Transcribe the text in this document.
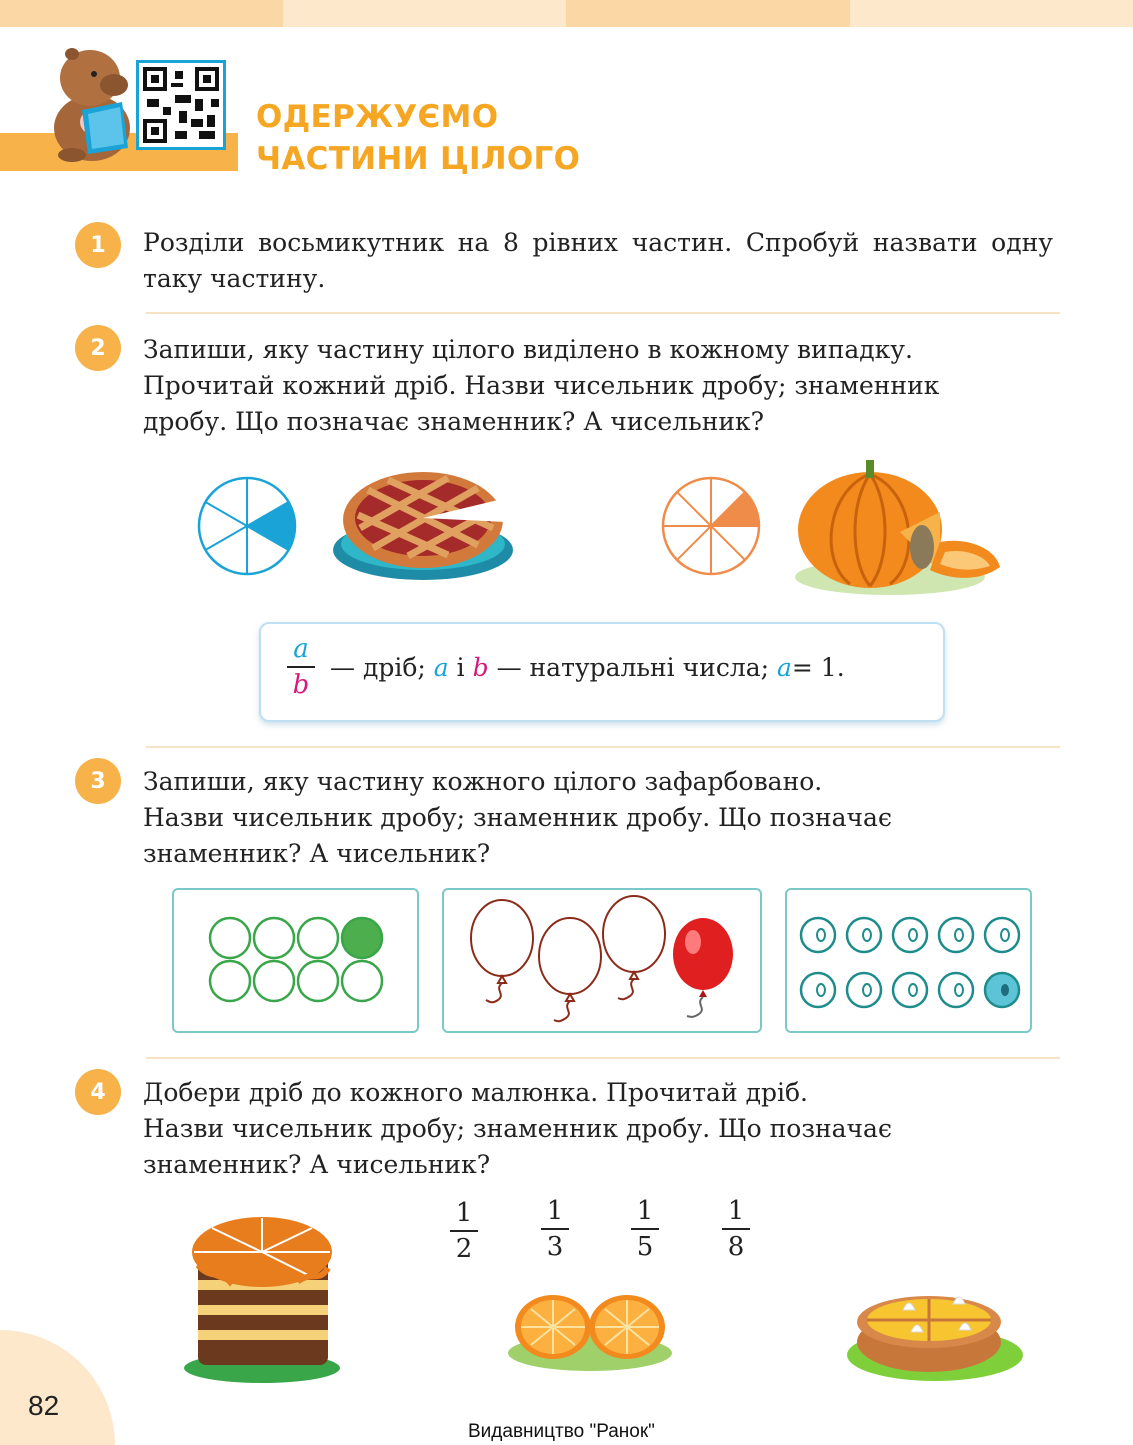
ОДЕРЖУЄМО
ЧАСТИНИ ЦІЛОГО
1	Розділи восьмикутник на 8 рівних частин. Спробуй назвати одну таку частину.
2	Запиши, яку частину цілого виділено в кожному випадку.
Прочитай кожний дріб. Назви чисельник дробу; знаменник
дробу. Що позначає знаменник? А чисельник?
a
b
— дріб; a і b — натуральні числа; a= 1.
3	Запиши, яку частину кожного цілого зафарбовано.
Назви чисельник дробу; знаменник дробу. Що позначає
знаменник? А чисельник?
4	Добери дріб до кожного малюнка. Прочитай дріб.
Назви чисельник дробу; знаменник дробу. Що позначає
знаменник? А чисельник?
1
2
1
3
1
5
1
8
82
Видавництво "Ранок"
